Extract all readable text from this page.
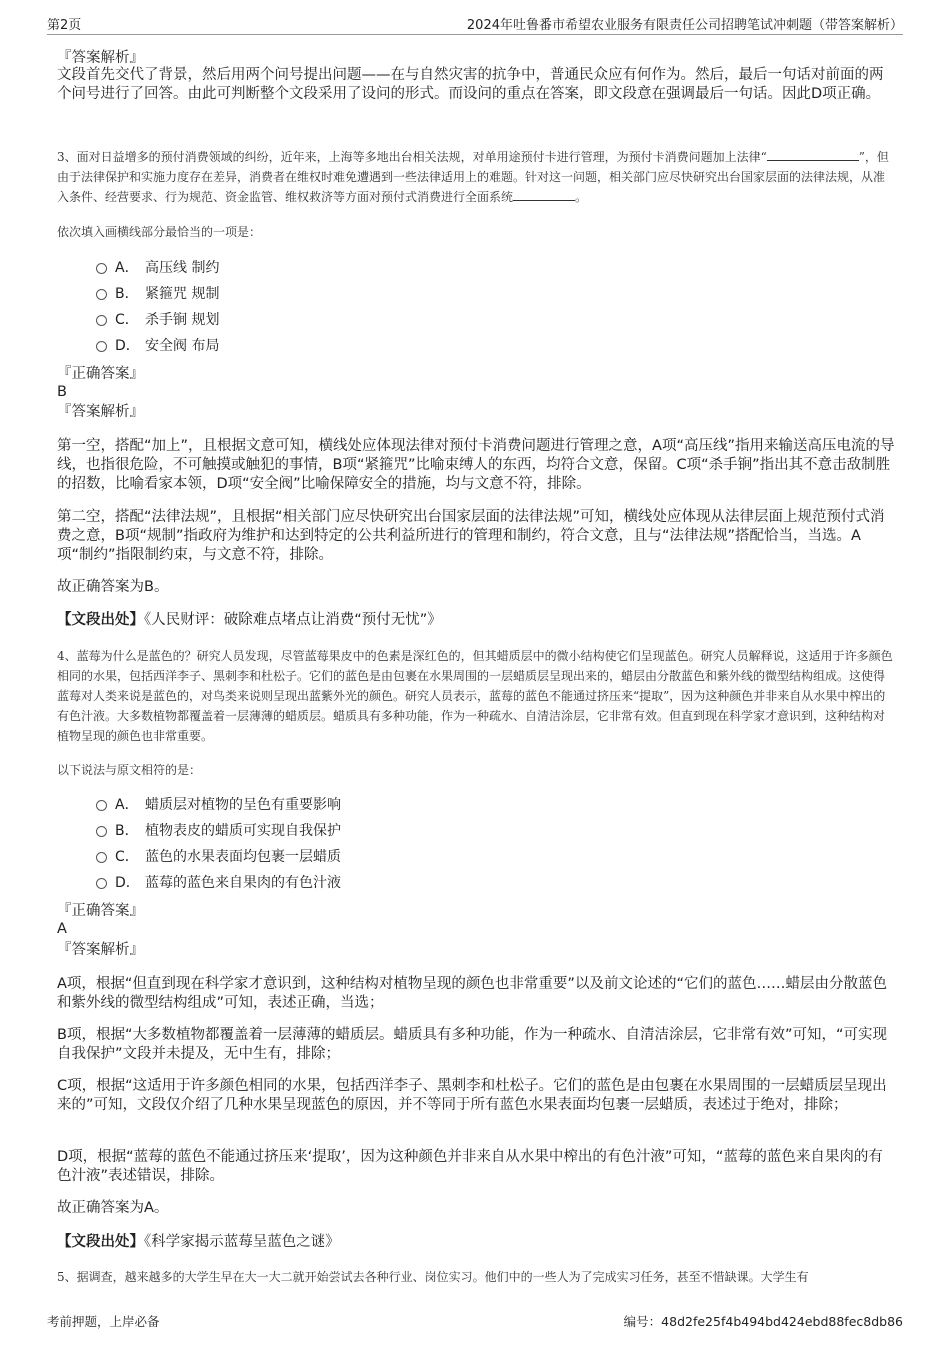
第2页	2024年吐鲁番市希望农业服务有限责任公司招聘笔试冲刺题（带答案解析）
『答案解析』
文段首先交代了背景，然后用两个问号提出问题——在与自然灾害的抗争中，普通民众应有何作为。然后，最后一句话对前面的两个问号进行了回答。由此可判断整个文段采用了设问的形式。而设问的重点在答案，即文段意在强调最后一句话。因此D项正确。
3、面对日益增多的预付消费领域的纠纷，近年来，上海等多地出台相关法规，对单用途预付卡进行管理，为预付卡消费问题加上法律“	”，但由于法律保护和实施力度存在差异，消费者在维权时难免遭遇到一些法律适用上的难题。针对这一问题，相关部门应尽快研究出台国家层面的法律法规，从准入条件、经营要求、行为规范、资金监管、维权救济等方面对预付式消费进行全面系统	。
依次填入画横线部分最恰当的一项是：
A． 高压线 制约
B． 紧箍咒 规制
C． 杀手锏 规划
D． 安全阀 布局
『正确答案』
B
『答案解析』
第一空，搭配“加上”，且根据文意可知，横线处应体现法律对预付卡消费问题进行管理之意，A项“高压线”指用来输送高压电流的导线，也指很危险，不可触摸或触犯的事情，B项“紧箍咒”比喻束缚人的东西，均符合文意，保留。C项“杀手锏”指出其不意击敌制胜的招数，比喻看家本领，D项“安全阀”比喻保障安全的措施，均与文意不符，排除。
第二空，搭配“法律法规”，且根据“相关部门应尽快研究出台国家层面的法律法规”可知，横线处应体现从法律层面上规范预付式消费之意，B项“规制”指政府为维护和达到特定的公共利益所进行的管理和制约，符合文意，且与“法律法规”搭配恰当，当选。A项“制约”指限制约束，与文意不符，排除。
故正确答案为B。
【文段出处】《人民财评：破除难点堵点让消费“预付无忧”》
4、蓝莓为什么是蓝色的？研究人员发现，尽管蓝莓果皮中的色素是深红色的，但其蜡质层中的微小结构使它们呈现蓝色。研究人员解释说，这适用于许多颜色相同的水果，包括西洋李子、黑刺李和杜松子。它们的蓝色是由包裹在水果周围的一层蜡质层呈现出来的，蜡层由分散蓝色和紫外线的微型结构组成。这使得蓝莓对人类来说是蓝色的，对鸟类来说则呈现出蓝紫外光的颜色。研究人员表示，蓝莓的蓝色不能通过挤压来“提取”，因为这种颜色并非来自从水果中榨出的有色汁液。大多数植物都覆盖着一层薄薄的蜡质层。蜡质具有多种功能，作为一种疏水、自清洁涂层，它非常有效。但直到现在科学家才意识到，这种结构对植物呈现的颜色也非常重要。
以下说法与原文相符的是：
A． 蜡质层对植物的呈色有重要影响
B． 植物表皮的蜡质可实现自我保护
C． 蓝色的水果表面均包裹一层蜡质
D． 蓝莓的蓝色来自果肉的有色汁液
『正确答案』
A
『答案解析』
A项，根据“但直到现在科学家才意识到，这种结构对植物呈现的颜色也非常重要”以及前文论述的“它们的蓝色……蜡层由分散蓝色和紫外线的微型结构组成”可知，表述正确，当选；
B项，根据“大多数植物都覆盖着一层薄薄的蜡质层。蜡质具有多种功能，作为一种疏水、自清洁涂层，它非常有效”可知，“可实现自我保护”文段并未提及，无中生有，排除；
C项，根据“这适用于许多颜色相同的水果，包括西洋李子、黑刺李和杜松子。它们的蓝色是由包裹在水果周围的一层蜡质层呈现出来的”可知，文段仅介绍了几种水果呈现蓝色的原因，并不等同于所有蓝色水果表面均包裹一层蜡质，表述过于绝对，排除；
D项，根据“蓝莓的蓝色不能通过挤压来‘提取’，因为这种颜色并非来自从水果中榨出的有色汁液”可知，“蓝莓的蓝色来自果肉的有色汁液”表述错误，排除。
故正确答案为A。
【文段出处】《科学家揭示蓝莓呈蓝色之谜》
5、据调查，越来越多的大学生早在大一大二就开始尝试去各种行业、岗位实习。他们中的一些人为了完成实习任务，甚至不惜缺课。大学生有
考前押题，上岸必备	编号：48d2fe25f4b494bd424ebd88fec8db86
